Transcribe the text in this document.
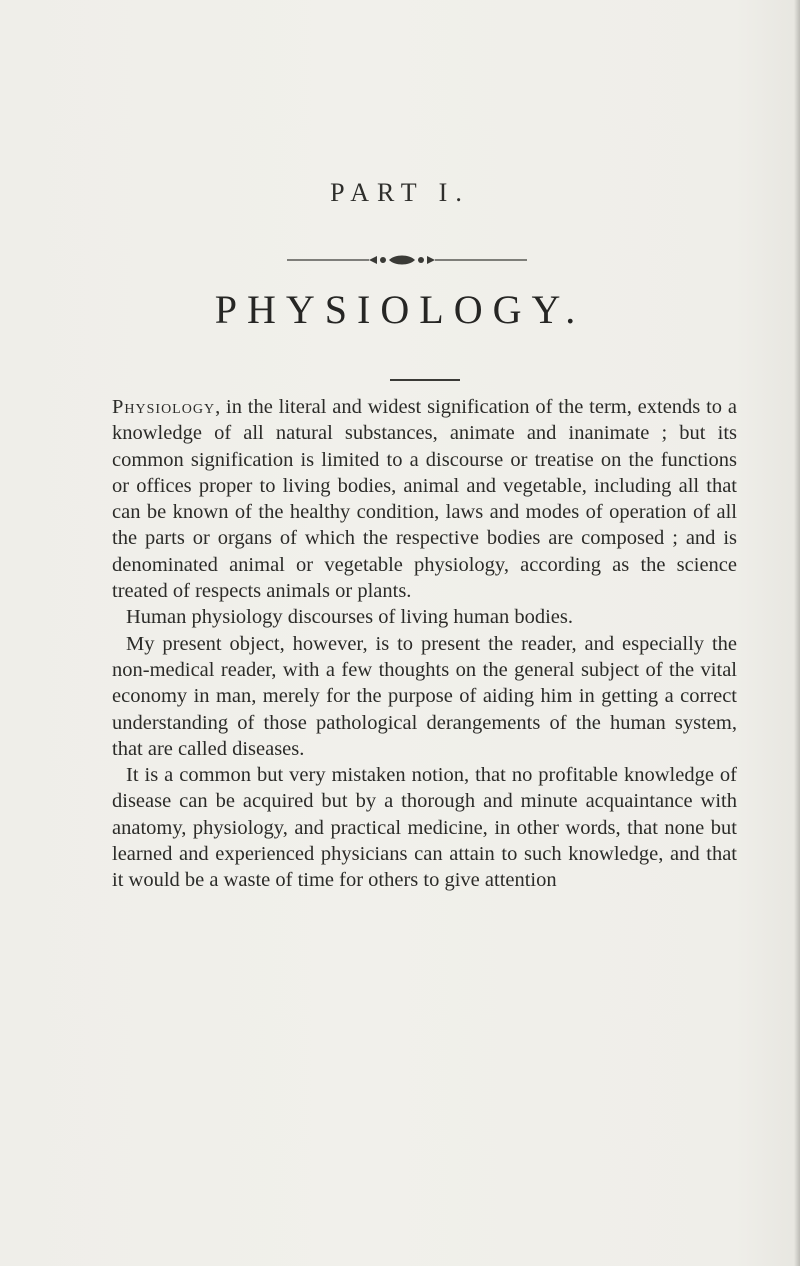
PART I.
PHYSIOLOGY.

Physiology, in the literal and widest signification of the term, extends to a knowledge of all natural substances, animate and inanimate ; but its common signification is limited to a discourse or treatise on the functions or offices proper to living bodies, animal and vegetable, including all that can be known of the healthy condition, laws and modes of operation of all the parts or organs of which the respective bodies are composed ; and is denominated animal or vegetable physiology, according as the science treated of respects animals or plants.

Human physiology discourses of living human bodies.

My present object, however, is to present the reader, and especially the non-medical reader, with a few thoughts on the general subject of the vital economy in man, merely for the purpose of aiding him in getting a correct understanding of those pathological derangements of the human system, that are called diseases.

It is a common but very mistaken notion, that no profitable knowledge of disease can be acquired but by a thorough and minute acquaintance with anatomy, physiology, and practical medicine, in other words, that none but learned and experienced physicians can attain to such knowledge, and that it would be a waste of time for others to give attention
